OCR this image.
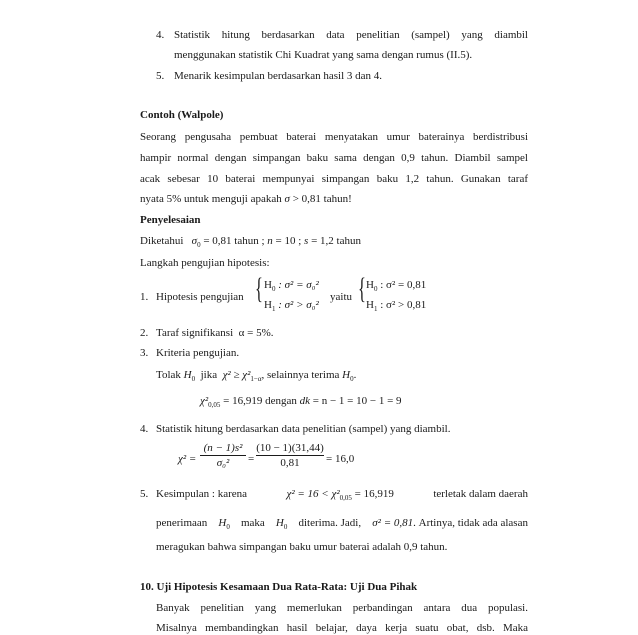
4. Statistik hitung berdasarkan data penelitian (sampel) yang diambil
menggunakan statistik Chi Kuadrat yang sama dengan rumus (II.5).
5. Menarik kesimpulan berdasarkan hasil 3 dan 4.
Contoh (Walpole)
Seorang pengusaha pembuat baterai menyatakan umur baterainya berdistribusi
hampir normal dengan simpangan baku sama dengan 0,9 tahun. Diambil sampel
acak sebesar 10 baterai mempunyai simpangan baku 1,2 tahun. Gunakan taraf
nyata 5% untuk menguji apakah σ > 0,81 tahun!
Penyelesaian
Diketahui $\sigma_0 = 0,81$ tahun ; n = 10 ; s = 1,2 tahun
Langkah pengujian hipotesis:
1. Hipotesis pengujian { $H_0$ : σ² = σ₀²
$H_1$ : σ² > σ₀²
yaitu { $H_0$ : σ² = 0,81
$H_1$ : σ² > 0,81
2. Taraf signifikansi α = 5%.
3. Kriteria pengujian.
Tolak $H_0$ jika $\chi^2 \ge \chi^2_{1-\alpha}$, selainnya terima $H_0$.
$\chi^2_{0,05} = 16,919$ dengan dk = n − 1 = 10 − 1 = 9
4. Statistik hitung berdasarkan data penelitian (sampel) yang diambil.
χ² =
(n − 1)s²
σ₀²	=
(10 − 1)(31,44)
0,81	= 16,0
5. Kesimpulan : karena	$\chi^2 = 16 < \chi^2_{0,05} = 16,919$	terletak dalam daerah
penerimaan $H_0$ maka $H_0$ diterima. Jadi, σ² = 0,81. Artinya, tidak ada alasan
meragukan bahwa simpangan baku umur baterai adalah 0,9 tahun.
10. Uji Hipotesis Kesamaan Dua Rata-Rata: Uji Dua Pihak
Banyak penelitian yang memerlukan perbandingan antara dua populasi.
Misalnya membandingkan hasil belajar, daya kerja suatu obat, dsb. Maka
